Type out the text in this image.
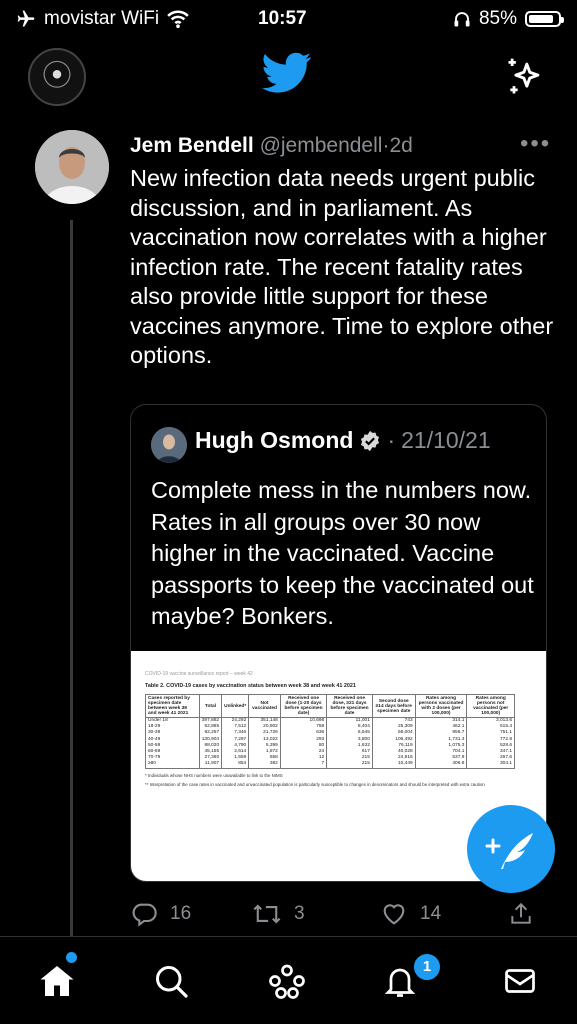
movistar WiFi	10:57	85%
Jem Bendell @jembendell·2d	•••
New infection data needs urgent public discussion, and in parliament. As vaccination now correlates with a higher infection rate. The recent fatality rates also provide little support for these vaccines anymore. Time to explore other options.
Hugh Osmond · 21/10/21
Complete mess in the numbers now. Rates in all groups over 30 now higher in the vaccinated. Vaccine passports to keep the vaccinated out maybe? Bonkers.
COVID-19 vaccine surveillance report – week 42
Table 2. COVID-19 cases by vaccination status between week 38 and week 41 2021
Cases reported by specimen date between week 38 and week 41 2021	Total	Unlinked*	Not vaccinated	Received one dose (1-20 days before specimen date)	Received one dose, ≥21 days before specimen date	Second dose ≥14 days before specimen date	Rates among persons vaccinated with 2 doses (per 100,000)	Rates among persons not vaccinated (per 100,000)
Under 18	397,882	24,292	351,148	10,698	11,001	743	314.1	3,013.6
18-29	62,885	7,512	20,902	758	8,404	25,309	462.1	615.4
30-39	92,257	7,346	21,726	636	6,545	56,004	956.7	751.1
40-49	130,904	7,297	13,022	293	3,800	106,492	1,731.3	772.9
50-59	88,020	4,790	5,399	80	1,632	76,119	1,075.3	528.6
60-69	45,155	2,614	1,872	24	617	40,028	704.1	347.1
70-79	27,360	1,559	658	12	215	24,916	537.9	267.6
≥80	11,907	854	382	7	215	10,449	406.8	304.1
* Individuals whose NHS numbers were unavailable to link to the NIMS
** Interpretation of the case rates in vaccinated and unvaccinated population is particularly susceptible to changes in denominators and should be interpreted with extra caution
16	3	14
1
